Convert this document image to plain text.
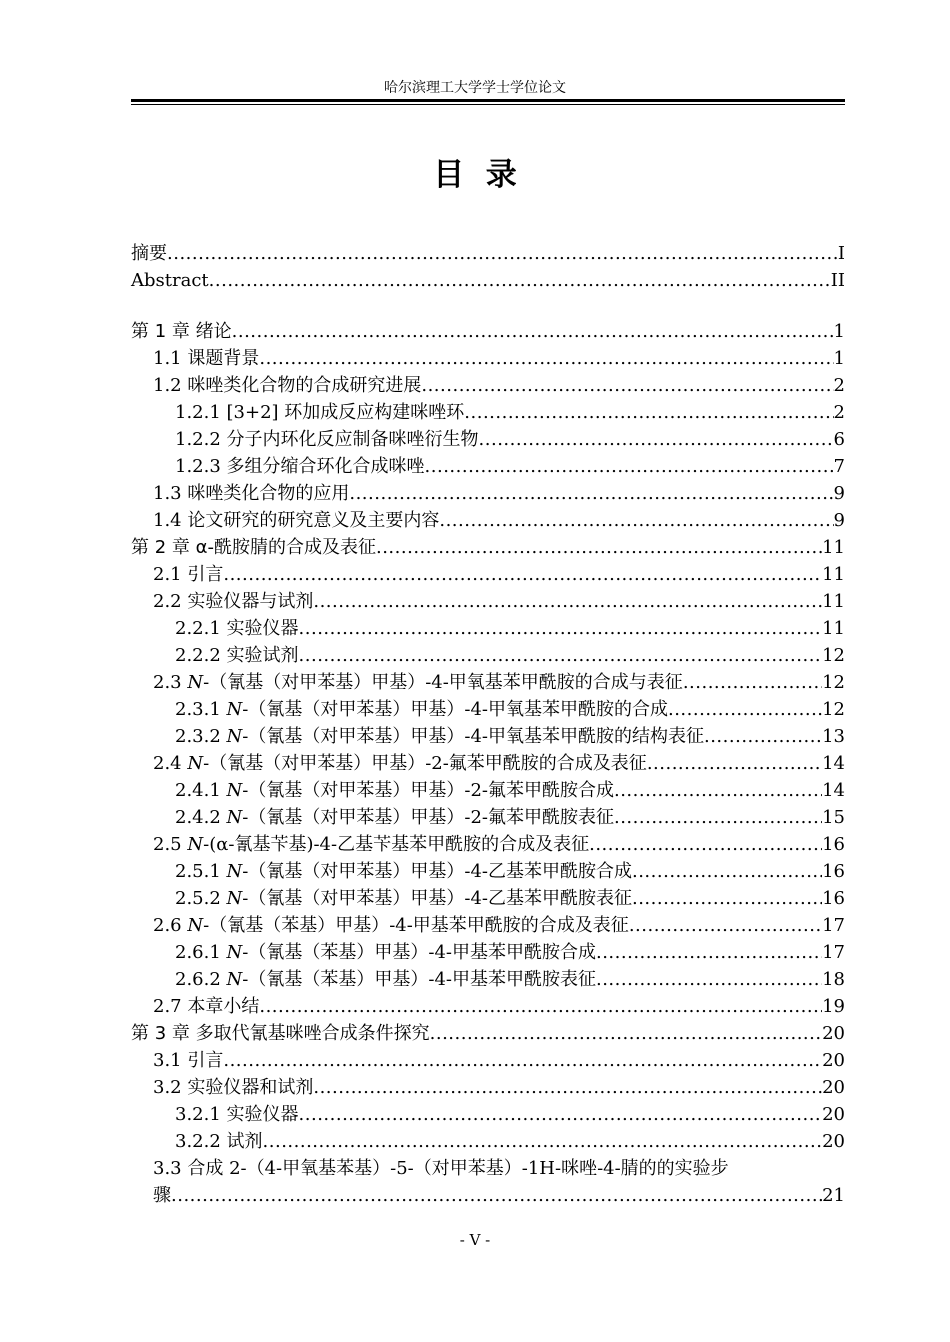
哈尔滨理工大学学士学位论文
目  录
摘要 .....	I
Abstract .....	II
第 1 章 绪论 .....	1
1.1 课题背景 .....	1
1.2 咪唑类化合物的合成研究进展 .....	2
1.2.1 [3+2] 环加成反应构建咪唑环 .....	2
1.2.2 分子内环化反应制备咪唑衍生物 .....	6
1.2.3 多组分缩合环化合成咪唑 .....	7
1.3 咪唑类化合物的应用 .....	9
1.4 论文研究的研究意义及主要内容 .....	9
第 2 章 α-酰胺腈的合成及表征 .....	11
2.1 引言 .....	11
2.2 实验仪器与试剂 .....	11
2.2.1 实验仪器 .....	11
2.2.2 实验试剂 .....	12
2.3 N-（氰基（对甲苯基）甲基）-4-甲氧基苯甲酰胺的合成与表征 .....	12
2.3.1 N-（氰基（对甲苯基）甲基）-4-甲氧基苯甲酰胺的合成 .....	12
2.3.2 N-（氰基（对甲苯基）甲基）-4-甲氧基苯甲酰胺的结构表征 .....	13
2.4 N-（氰基（对甲苯基）甲基）-2-氟苯甲酰胺的合成及表征 .....	14
2.4.1 N-（氰基（对甲苯基）甲基）-2-氟苯甲酰胺合成 .....	14
2.4.2 N-（氰基（对甲苯基）甲基）-2-氟苯甲酰胺表征 .....	15
2.5 N-(α-氰基苄基)-4-乙基苄基苯甲酰胺的合成及表征 .....	16
2.5.1 N-（氰基（对甲苯基）甲基）-4-乙基苯甲酰胺合成 .....	16
2.5.2 N-（氰基（对甲苯基）甲基）-4-乙基苯甲酰胺表征 .....	16
2.6 N-（氰基（苯基）甲基）-4-甲基苯甲酰胺的合成及表征 .....	17
2.6.1 N-（氰基（苯基）甲基）-4-甲基苯甲酰胺合成 .....	17
2.6.2 N-（氰基（苯基）甲基）-4-甲基苯甲酰胺表征 .....	18
2.7 本章小结 .....	19
第 3 章 多取代氰基咪唑合成条件探究 .....	20
3.1 引言 .....	20
3.2 实验仪器和试剂 .....	20
3.2.1 实验仪器 .....	20
3.2.2 试剂 .....	20
3.3 合成 2-（4-甲氧基苯基）-5-（对甲苯基）-1H-咪唑-4-腈的的实验步
骤 .....	21
- V -
